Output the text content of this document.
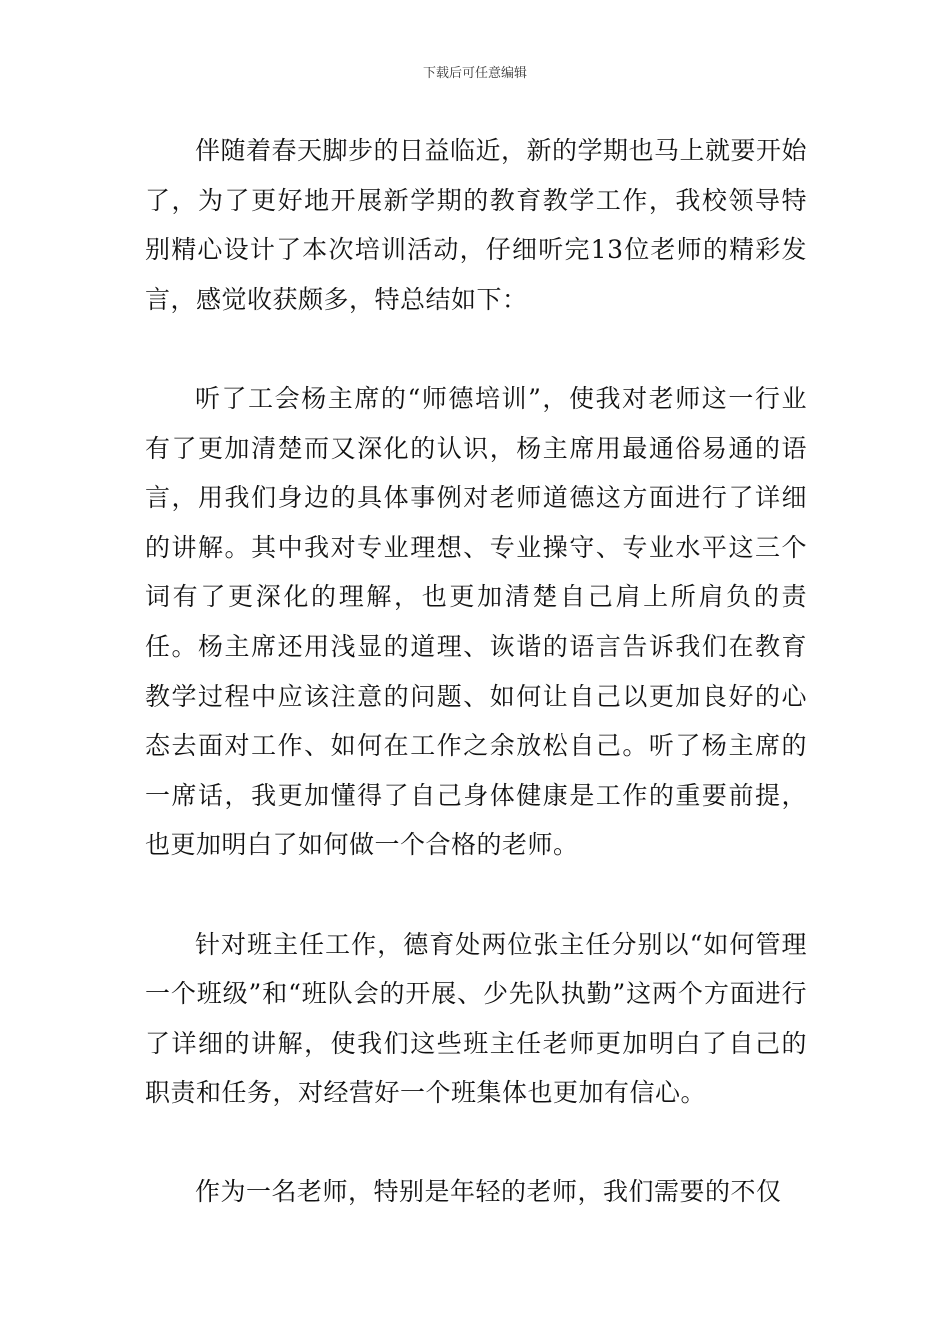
下载后可任意编辑

伴随着春天脚步的日益临近，新的学期也马上就要开始了，为了更好地开展新学期的教育教学工作，我校领导特别精心设计了本次培训活动，仔细听完13位老师的精彩发言，感觉收获颇多，特总结如下：

听了工会杨主席的“师德培训”，使我对老师这一行业有了更加清楚而又深化的认识，杨主席用最通俗易通的语言，用我们身边的具体事例对老师道德这方面进行了详细的讲解。其中我对专业理想、专业操守、专业水平这三个词有了更深化的理解，也更加清楚自己肩上所肩负的责任。杨主席还用浅显的道理、诙谐的语言告诉我们在教育教学过程中应该注意的问题、如何让自己以更加良好的心态去面对工作、如何在工作之余放松自己。听了杨主席的一席话，我更加懂得了自己身体健康是工作的重要前提，也更加明白了如何做一个合格的老师。

针对班主任工作，德育处两位张主任分别以“如何管理一个班级”和“班队会的开展、少先队执勤”这两个方面进行了详细的讲解，使我们这些班主任老师更加明白了自己的职责和任务，对经营好一个班集体也更加有信心。

作为一名老师，特别是年轻的老师，我们需要的不仅
